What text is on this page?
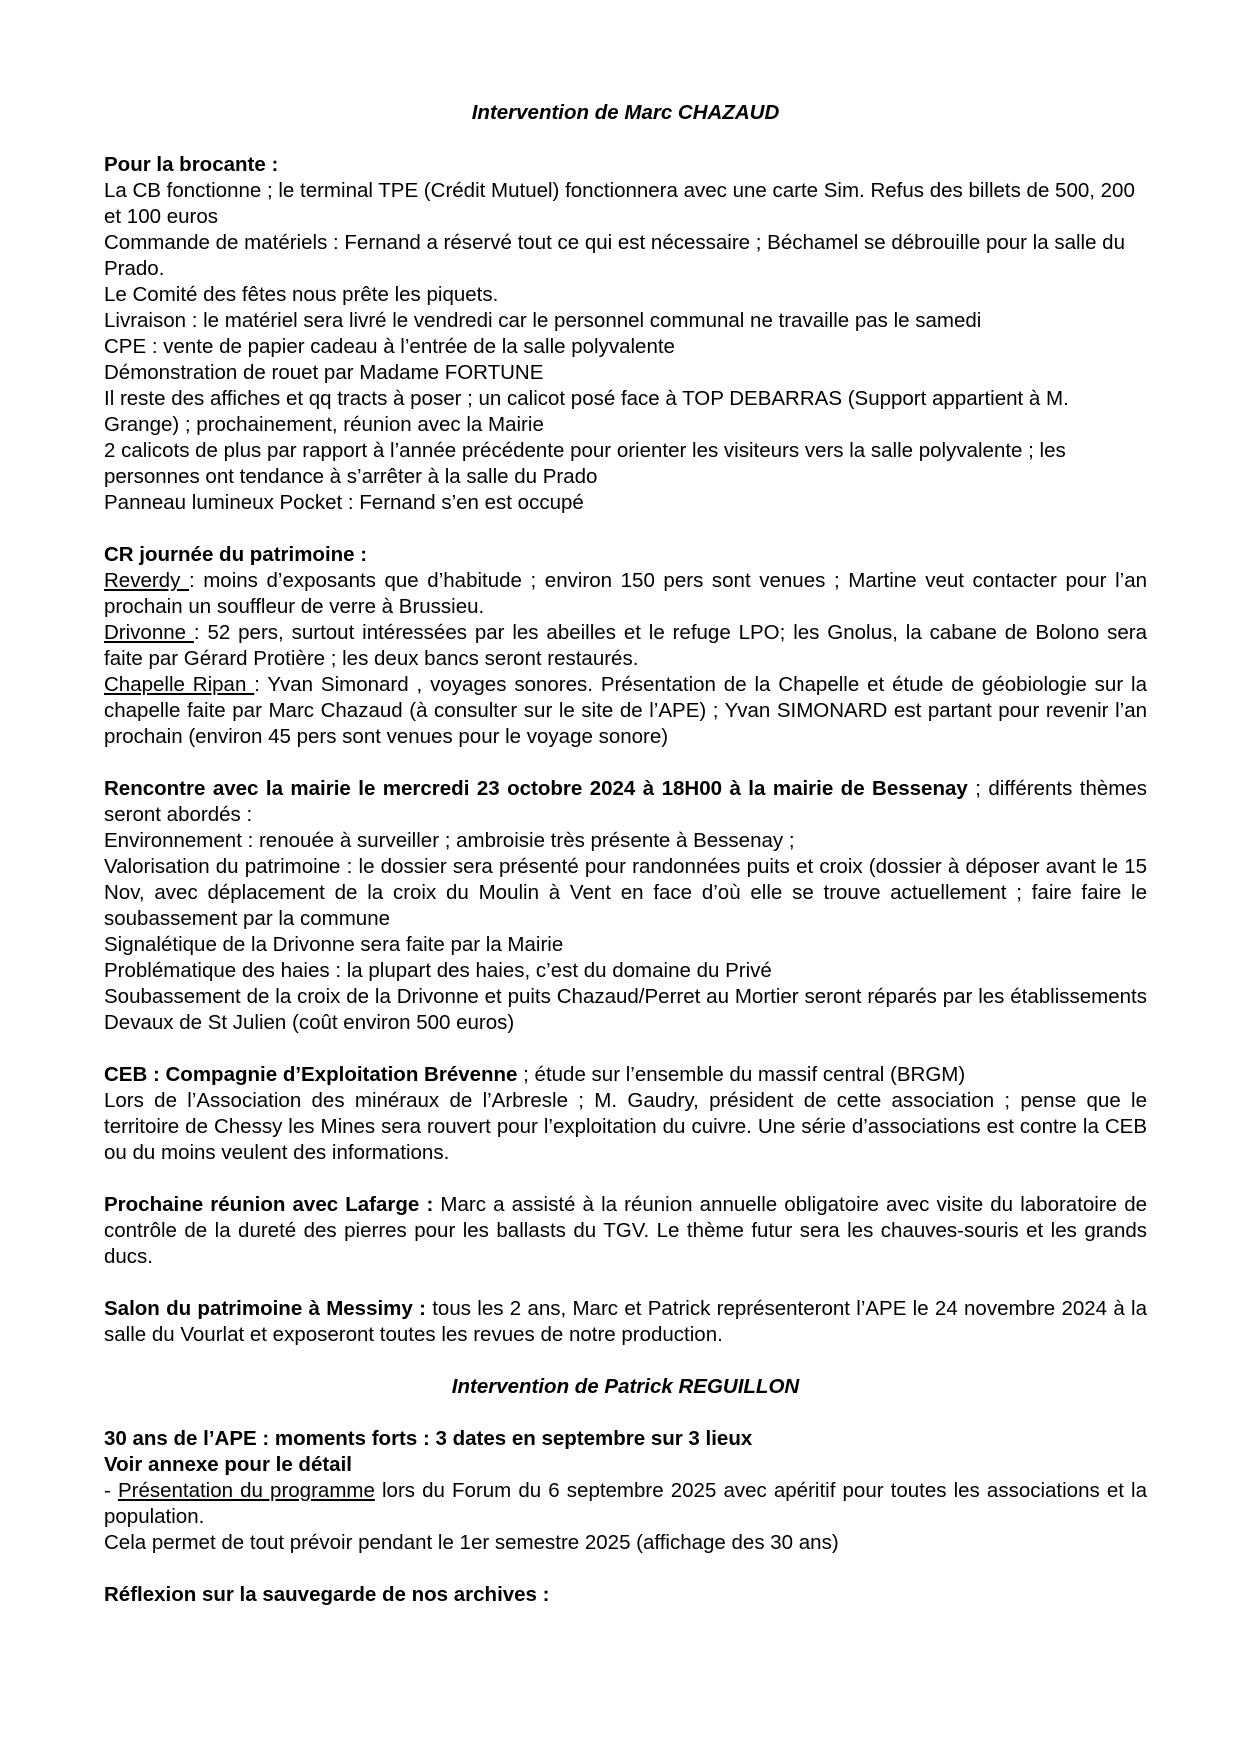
Intervention de Marc CHAZAUD

Pour la brocante :

La CB fonctionne ; le terminal TPE (Crédit Mutuel) fonctionnera avec une carte Sim. Refus des billets de 500, 200 et 100 euros

Commande de matériels : Fernand a réservé tout ce qui est nécessaire ; Béchamel se débrouille pour la salle du Prado.

Le Comité des fêtes nous prête les piquets.

Livraison : le matériel sera livré le vendredi car le personnel communal ne travaille pas le samedi

CPE : vente de papier cadeau à l’entrée de la salle polyvalente

Démonstration de rouet par Madame FORTUNE

Il reste des affiches et qq tracts à poser ; un calicot posé face à TOP DEBARRAS (Support appartient à M. Grange) ; prochainement, réunion avec la Mairie

2 calicots de plus par rapport à l’année précédente pour orienter les visiteurs vers la salle polyvalente ; les personnes ont tendance à s’arrêter à la salle du Prado

Panneau lumineux Pocket : Fernand s’en est occupé

CR journée du patrimoine :

Reverdy : moins d’exposants que d’habitude ; environ 150 pers sont venues ; Martine veut contacter pour l’an prochain un souffleur de verre à Brussieu.

Drivonne : 52 pers, surtout intéressées par les abeilles et le refuge LPO; les Gnolus, la cabane de Bolono sera faite par Gérard Protière ; les deux bancs seront restaurés.

Chapelle Ripan : Yvan Simonard , voyages sonores. Présentation de la Chapelle et étude de géobiologie sur la chapelle faite par Marc Chazaud (à consulter sur le site de l’APE) ; Yvan SIMONARD est partant pour revenir l’an prochain (environ 45 pers sont venues pour le voyage sonore)

Rencontre avec la mairie le mercredi 23 octobre 2024 à 18H00 à la mairie de Bessenay ; différents thèmes seront abordés :

Environnement : renouée à surveiller ; ambroisie très présente à Bessenay ;

Valorisation du patrimoine : le dossier sera présenté pour randonnées puits et croix (dossier à déposer avant le 15 Nov, avec déplacement de la croix du Moulin à Vent en face d’où elle se trouve actuellement ; faire faire le soubassement par la commune

Signalétique de la Drivonne sera faite par la Mairie

Problématique des haies : la plupart des haies, c’est du domaine du Privé

Soubassement de la croix de la Drivonne et puits Chazaud/Perret au Mortier seront réparés par les établissements Devaux de St Julien (coût environ 500 euros)

CEB : Compagnie d’Exploitation Brévenne ; étude sur l’ensemble du massif central (BRGM)

Lors de l’Association des minéraux de l’Arbresle ; M. Gaudry, président de cette association ; pense que le territoire de Chessy les Mines sera rouvert pour l’exploitation du cuivre. Une série d’associations est contre la CEB ou du moins veulent des informations.

Prochaine réunion avec Lafarge : Marc a assisté à la réunion annuelle obligatoire avec visite du laboratoire de contrôle de la dureté des pierres pour les ballasts du TGV. Le thème futur sera les chauves-souris et les grands ducs.

Salon du patrimoine à Messimy : tous les 2 ans, Marc et Patrick représenteront l’APE le 24 novembre 2024 à la salle du Vourlat et exposeront toutes les revues de notre production.

Intervention de Patrick REGUILLON

30 ans de l’APE : moments forts : 3 dates en septembre sur 3 lieux

Voir annexe pour le détail

- Présentation du programme lors du Forum du 6 septembre 2025 avec apéritif pour toutes les associations et la population.

Cela permet de tout prévoir pendant le 1er semestre 2025 (affichage des 30 ans)

Réflexion sur la sauvegarde de nos archives :
